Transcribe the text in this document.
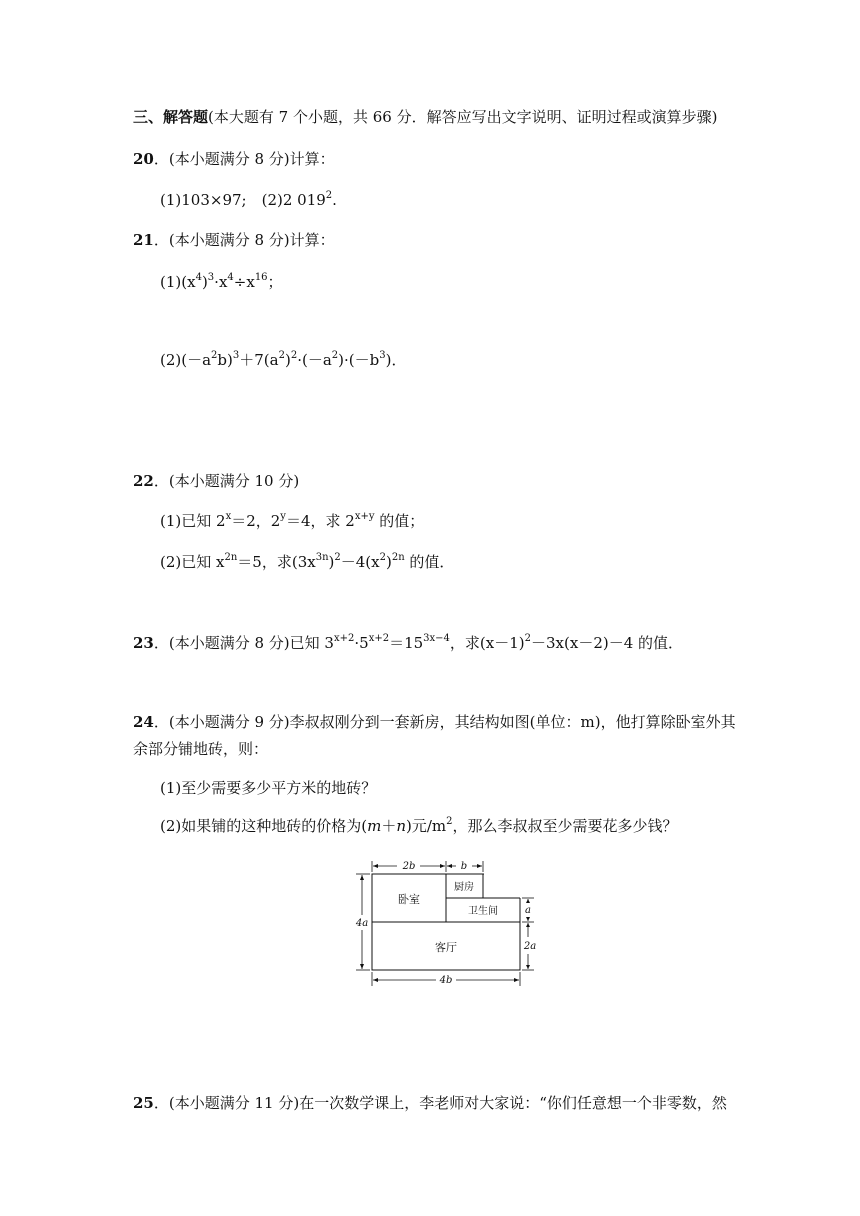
三、解答题(本大题有 7 个小题，共 66 分．解答应写出文字说明、证明过程或演算步骤)
20．(本小题满分 8 分)计算：
(1)103×97;　(2)2 $019^2$.
21．(本小题满分 8 分)计算：
$(1)(x^4)^3\cdot x^4\div x^{16}$；
$(2)(-a^2b)^3+7(a^2)^2\cdot(-a^2)\cdot(-b^3)$．
22．(本小题满分 10 分)
(1)已知 $2^x=2$，$2^y=4$，求 $2^{x+y}$ 的值；
(2)已知 $x^{2n}=5$，求$(3x^{3n})^2-4(x^2)^{2n}$ 的值．
23．(本小题满分 8 分)已知 $3^{x+2}\cdot 5^{x+2}=15^{3x-4}$，求$(x-1)^2-3x(x-2)-4$ 的值．
24．(本小题满分 9 分)李叔叔刚分到一套新房，其结构如图(单位：m)，他打算除卧室外其
余部分铺地砖，则：
(1)至少需要多少平方米的地砖？
(2)如果铺的这种地砖的价格为(m＋n)元$/m^2$，那么李叔叔至少需要花多少钱？
卧室
厨房
卫生间
客厅
2b	b
4a
a
2a
4b
25．(本小题满分 11 分)在一次数学课上，李老师对大家说：“你们任意想一个非零数，然
